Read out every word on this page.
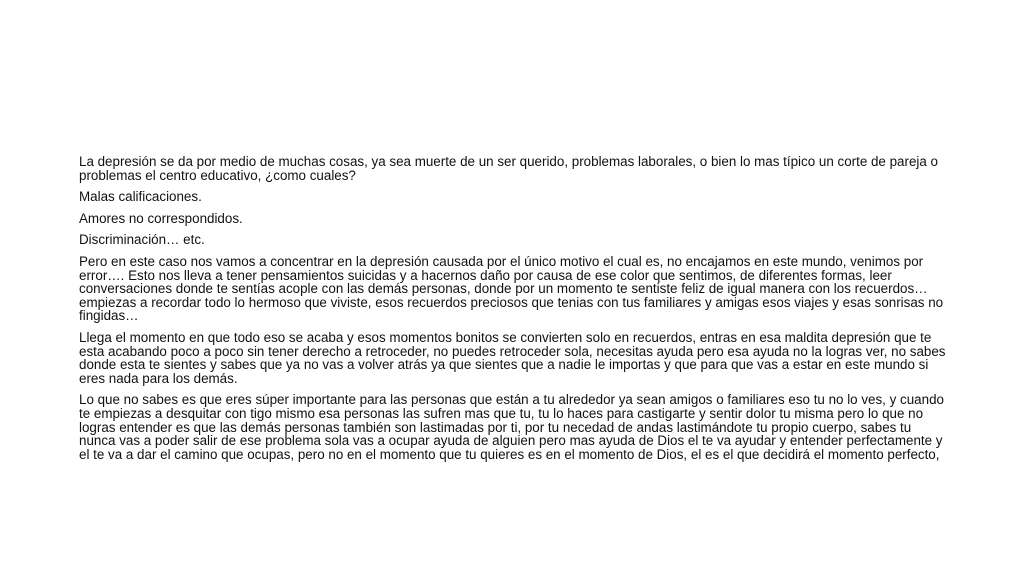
La depresión se da por medio de muchas cosas, ya sea muerte de un ser querido, problemas laborales, o bien lo mas típico un corte de pareja o problemas el centro educativo, ¿como cuales?

Malas calificaciones.

Amores no correspondidos.

Discriminación… etc.

Pero en este caso nos vamos a concentrar en la depresión causada por el único motivo el cual es, no encajamos en este mundo, venimos por error…. Esto nos lleva a tener pensamientos suicidas y a hacernos daño por causa de ese color que sentimos, de diferentes formas, leer conversaciones donde te sentías acople con las demás personas, donde por un momento te sentiste feliz de igual manera con los recuerdos… empiezas a recordar todo lo hermoso que viviste, esos recuerdos preciosos que tenias con tus familiares y amigas esos viajes y esas sonrisas no fingidas…

Llega el momento en que todo eso se acaba y esos momentos bonitos se convierten solo en recuerdos, entras en esa maldita depresión que te esta acabando poco a poco sin tener derecho a retroceder, no puedes retroceder sola, necesitas ayuda pero esa ayuda no la logras ver, no sabes donde esta te sientes y sabes que ya no vas a volver atrás ya que sientes que a nadie le importas y que para que vas a estar en este mundo si eres nada para los demás.

Lo que no sabes es que eres súper importante para las personas que están a tu alrededor ya sean amigos o familiares eso tu no lo ves, y cuando te empiezas a desquitar con tigo mismo esa personas las sufren mas que tu, tu lo haces para castigarte y sentir dolor tu misma pero lo que no logras entender es que las demás personas también son lastimadas por ti, por tu necedad de andas lastimándote tu propio cuerpo, sabes tu nunca vas a poder salir de ese problema sola vas a ocupar ayuda de alguien pero mas ayuda de Dios el te va ayudar y entender perfectamente y el te va a dar el camino que ocupas, pero no en el momento que tu quieres es en el momento de Dios, el es el que decidirá el momento perfecto,
